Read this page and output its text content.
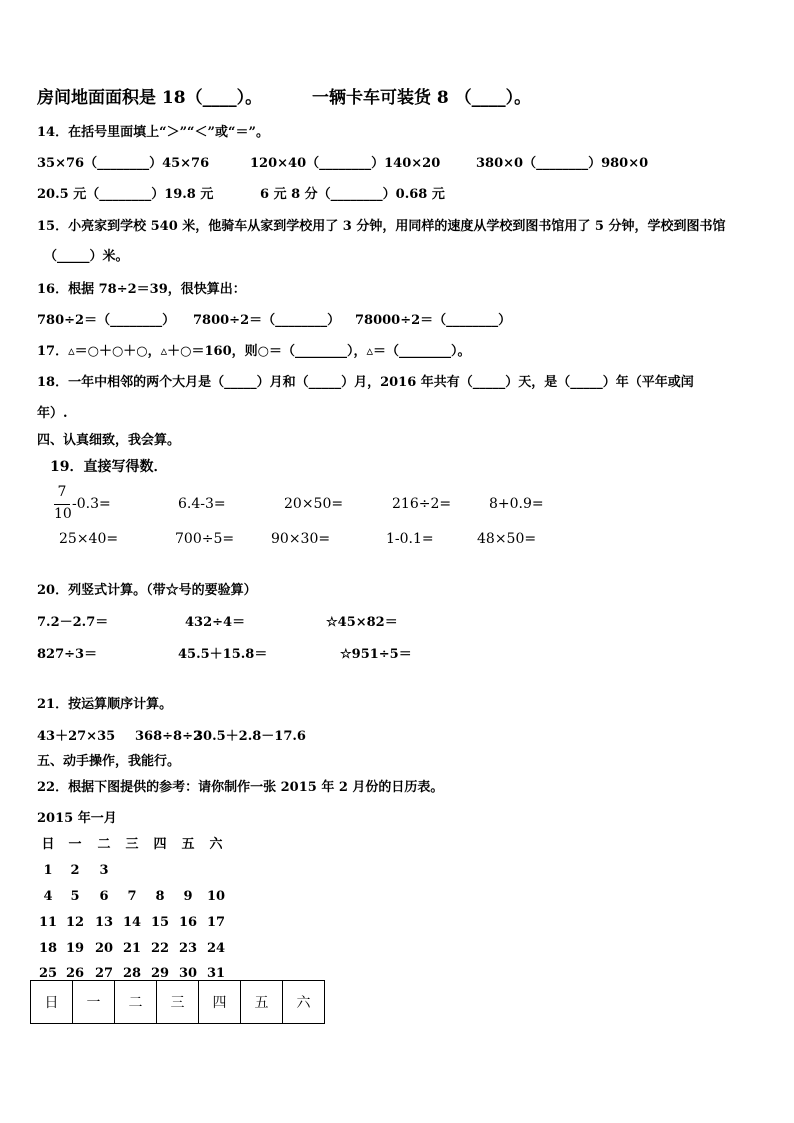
房间地面面积是 18（____）。	一辆卡车可装货 8 （____）。
14．在括号里面填上“＞”“＜”或“＝”。
35×76（________）45×76	120×40（________）140×20	380×0（________）980×0
20.5 元（________）19.8 元	6 元 8 分（________）0.68 元
15．小亮家到学校 540 米，他骑车从家到学校用了 3 分钟，用同样的速度从学校到图书馆用了 5 分钟，学校到图书馆
（_____）米。
16．根据 78÷2＝39，很快算出：
780÷2＝（________） 7800÷2＝（________） 78000÷2＝（________）
17．▵＝○＋○＋○，▵＋○＝160，则○＝（________），▵＝（________）。
18．一年中相邻的两个大月是（_____）月和（_____）月，2016 年共有（_____）天，是（_____）年（平年或闰
年）.
四、认真细致，我会算。
19．直接写得数．
7
10
-0.3=	6.4-3=	20×50=	216÷2=	8+0.9=
25×40=	700÷5=	90×30=	1-0.1=	48×50=
20．列竖式计算。（带☆号的要验算）
7.2－2.7＝	432÷4＝	☆45×82＝
827÷3＝	45.5＋15.8＝	☆951÷5＝
21．按运算顺序计算。
43＋27×35 368÷8÷2
30.5＋2.8－17.6
五、动手操作，我能行。
22．根据下图提供的参考：请你制作一张 2015 年 2 月份的日历表。
2015 年一月
日	一	二	三	四	五	六
1	2	3
4	5	6	7	8	9	10
11 12 13 14 15 16 17
18 19 20 21 22 23 24
25 26 27 28 29 30 31
日	一	二	三	四	五	六
